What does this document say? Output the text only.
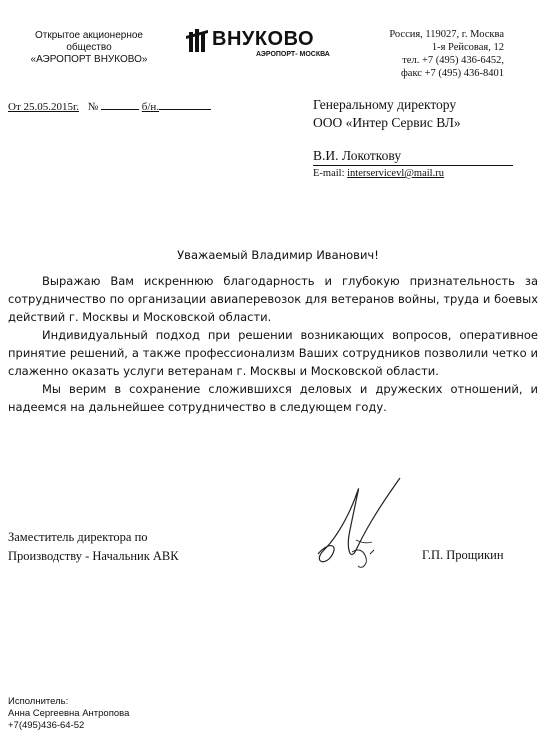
Открытое акционерное
общество
«АЭРОПОРТ ВНУКОВО»
ВНУКОВО
АЭРОПОРТ- МОСКВА
Россия, 119027, г. Москва
1-я Рейсовая, 12
тел. +7 (495) 436-6452,
факс +7 (495) 436-8401
От 25.05.2015г. №	б/н.	Генеральному директору
ООО «Интер Сервис ВЛ»
В.И. Локоткову
E-mail: interservicevl@mail.ru
Уважаемый Владимир Иванович!

Выражаю Вам искреннюю благодарность и глубокую признательность за сотрудничество по организации авиаперевозок для ветеранов войны, труда и боевых действий г. Москвы и Московской области.

Индивидуальный подход при решении возникающих вопросов, оперативное принятие решений, а также профессионализм Ваших сотрудников позволили четко и слаженно оказать услуги ветеранам г. Москвы и Московской области.

Мы верим в сохранение сложившихся деловых и дружеских отношений, и надеемся на дальнейшее сотрудничество в следующем году.

Заместитель директора по
Производству - Начальник АВК	Г.П. Прощикин
Исполнитель:
Анна Сергеевна Антропова
+7(495)436-64-52
